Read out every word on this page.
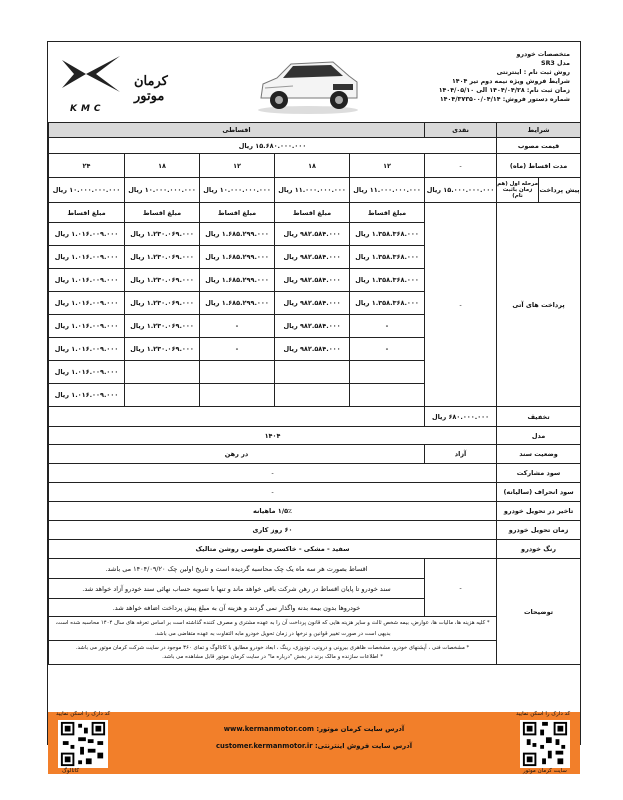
کرمان موتور
KMC
متخصصات خودرو
مدل SR3
روش ثبت نام : اینترنتی
شرایط فروش ویژه نیمه دوم تیر ۱۴۰۴
زمان ثبت نام: ۱۴۰۴/۰۴/۲۸ الی ۱۴۰۴/۰۵/۱۰
شماره دستور فروش: ۱۴۰۴/۳۷۳۵۰۰/۰۴/۱۴
شرایط		نقدی	اقساطی				
قیمت مصوب		۱۵.۶۸۰.۰۰۰.۰۰۰ ریال					
مدت اقساط (ماه)		-	۱۲	۱۸	۱۲	۱۸	۲۴
پیش پرداخت	مرحله اول (هم زمان باثبت نام)	۱۵.۰۰۰.۰۰۰.۰۰۰ ریال	۱۱.۰۰۰.۰۰۰.۰۰۰ ریال	۱۱.۰۰۰.۰۰۰.۰۰۰ ریال	۱۰.۰۰۰.۰۰۰.۰۰۰ ریال	۱۰.۰۰۰.۰۰۰.۰۰۰ ریال	۱۰.۰۰۰.۰۰۰.۰۰۰ ریال
پرداخت های آتی		-	مبلغ اقساط	مبلغ اقساط	مبلغ اقساط	مبلغ اقساط	مبلغ اقساط
			۱.۳۵۸.۳۶۸.۰۰۰ ریال	۹۸۲.۵۸۴.۰۰۰ ریال	۱.۶۸۵.۲۹۹.۰۰۰ ریال	۱.۲۳۰.۰۶۹.۰۰۰ ریال	۱.۰۱۶.۰۰۹.۰۰۰ ریال
			۱.۳۵۸.۳۶۸.۰۰۰ ریال	۹۸۲.۵۸۴.۰۰۰ ریال	۱.۶۸۵.۲۹۹.۰۰۰ ریال	۱.۲۳۰.۰۶۹.۰۰۰ ریال	۱.۰۱۶.۰۰۹.۰۰۰ ریال
			۱.۳۵۸.۳۶۸.۰۰۰ ریال	۹۸۲.۵۸۴.۰۰۰ ریال	۱.۶۸۵.۲۹۹.۰۰۰ ریال	۱.۲۳۰.۰۶۹.۰۰۰ ریال	۱.۰۱۶.۰۰۹.۰۰۰ ریال
			۱.۳۵۸.۳۶۸.۰۰۰ ریال	۹۸۲.۵۸۴.۰۰۰ ریال	۱.۶۸۵.۲۹۹.۰۰۰ ریال	۱.۲۳۰.۰۶۹.۰۰۰ ریال	۱.۰۱۶.۰۰۹.۰۰۰ ریال
			-	۹۸۲.۵۸۴.۰۰۰ ریال	-	۱.۲۳۰.۰۶۹.۰۰۰ ریال	۱.۰۱۶.۰۰۹.۰۰۰ ریال
			-	۹۸۲.۵۸۴.۰۰۰ ریال	-	۱.۲۳۰.۰۶۹.۰۰۰ ریال	۱.۰۱۶.۰۰۹.۰۰۰ ریال
							۱.۰۱۶.۰۰۹.۰۰۰ ریال
							۱.۰۱۶.۰۰۹.۰۰۰ ریال
تخفیف		۶۸۰.۰۰۰.۰۰۰ ریال					
مدل		۱۴۰۴					
وضعیت سند		آزاد	در رهن				
سود مشارکت		-					
سود انحراف (سالیانه)		-					
تاخیر در تحویل خودرو		۱/۵٪ ماهیانه					
زمان تحویل خودرو		۶۰ روز کاری					
رنگ خودرو		سفید - مشکی - خاکستری طوسی روشن متالیک					
توضیحات		-	اقساط بصورت هر سه ماه یک چک محاسبه گردیده است و تاریخ اولین چک ۱۴۰۴/۰۹/۲۰ می باشد.				
			سند خودرو تا پایان اقساط در رهن شرکت باقی خواهد ماند و تنها با تسویه حساب نهائی سند خودرو آزاد خواهد شد.				
			خودروها بدون بیمه بدنه واگذار نمی گردند و هزینه آن به مبلغ پیش پرداخت اضافه خواهد شد.				
		* کلیه هزینه ها، مالیات ها، عوارض، بیمه شخص ثالث و سایر هزینه هایی که قانون پرداخت آن را به عهده مشتری و مصرف کننده گذاشته است بر اساس تعرفه های سال ۱۴۰۴ محاسبه شده است،					
		بدیهی است در صورت تغییر قوانین و نرخها در زمان تحویل خودرو مابه التفاوت به عهده متقاضی می باشد.					

		* مشخصات فنی ، آپشنهای خودرو، مشخصات ظاهری بیرونی و درونی، تودوزی، رینگ ، ابعاد خودرو مطابق با کاتالوگ و تماى ۳۶۰ موجود در سایت شرکت کرمان موتور می باشد.
* اطلاعات سازنده و مالک برند در بخش "درباره ما" در سایت کرمان موتور قابل مشاهده می باشد.					
کد دارک را اسکن نمایید
کاتالوگ
آدرس سایت کرمان موتور: www.kermanmotor.com
آدرس سایت فروش اینترنتی: customer.kermanmotor.ir
کد دارک را اسکن نمایید
سایت کرمان موتور
